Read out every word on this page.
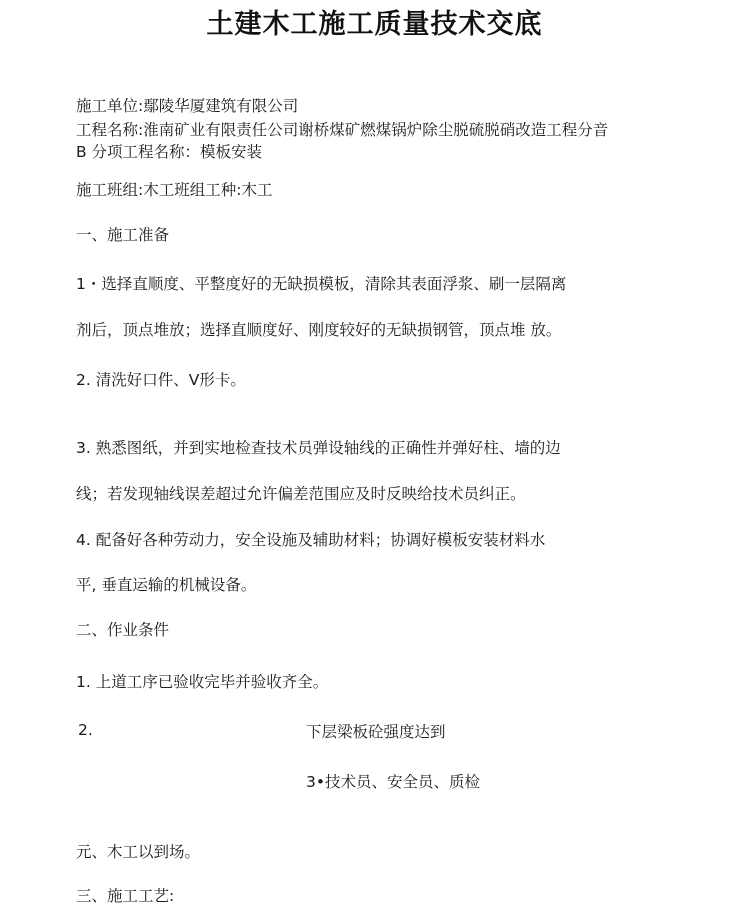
土建木工施工质量技术交底
施工单位:鄢陵华厦建筑有限公司
工程名称:淮南矿业有限责任公司谢桥煤矿燃煤锅炉除尘脱硫脱硝改造工程分音
B 分项工程名称：模板安装
施工班组:木工班组工种:木工
一、施工准备
1・选择直顺度、平整度好的无缺损模板，清除其表面浮浆、刷一层隔离
剂后，顶点堆放；选择直顺度好、刚度较好的无缺损钢管，顶点堆 放。
2. 清洗好口件、V形卡。
3. 熟悉图纸，并到实地检查技术员弹设轴线的正确性并弹好柱、墙的边
线；若发现轴线误差超过允许偏差范围应及时反映给技术员纠正。
4. 配备好各种劳动力，安全设施及辅助材料；协调好模板安装材料水
平, 垂直运输的机械设备。
二、作业条件
1. 上道工序已验收完毕并验收齐全。
2.	下层梁板砼强度达到
3•技术员、安全员、质检
元、木工以到场。
三、施工工艺:
